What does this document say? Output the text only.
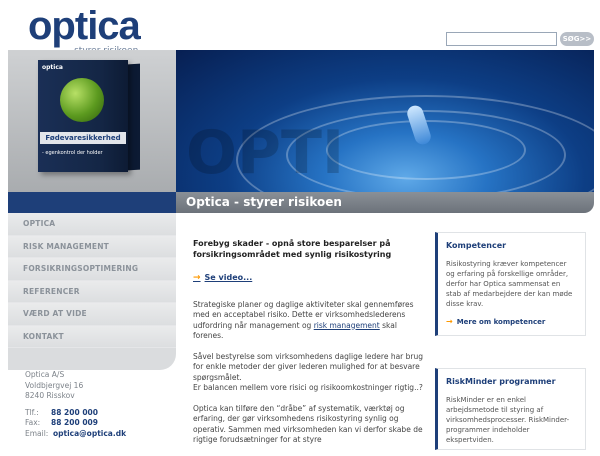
optica	SØG>>
optica
Fødevaresikkerhed
- egenkontrol der holder OPTI
Optica - styrer risikoen
OPTICA
RISK MANAGEMENT
FORSIKRINGSOPTIMERING
REFERENCER
VÆRD AT VIDE
KONTAKT
Optica A/S
Voldbjergvej 16
8240 Risskov
Tlf.:	88 200 000
Fax:	88 200 009
Email: optica@optica.dk
Forebyg skader - opnå store besparelser på forsikringsområdet med synlig risikostyring
→ Se video...

Strategiske planer og daglige aktiviteter skal gennemføres med en acceptabel risiko. Dette er virksomhedslederens udfordring når management og risk management skal forenes.

Såvel bestyrelse som virksomhedens daglige ledere har brug for enkle metoder der giver lederen mulighed for at besvare spørgsmålet.
Er balancen mellem vore risici og risikoomkostninger rigtig..?

Optica kan tilføre den “dråbe” af systematik, værktøj og erfaring, der gør virksomhedens risikostyring synlig og operativ. Sammen med virksomheden kan vi derfor skabe de rigtige forudsætninger for at styre

Kompetencer
Risikostyring kræver kompetencer og erfaring på forskellige områder, derfor har Optica sammensat en stab af medarbejdere der kan møde disse krav.
→ Mere om kompetencer
RiskMinder programmer
RiskMinder er en enkel arbejdsmetode til styring af virksomhedsprocesser. RiskMinder-programmer indeholder ekspertviden.
